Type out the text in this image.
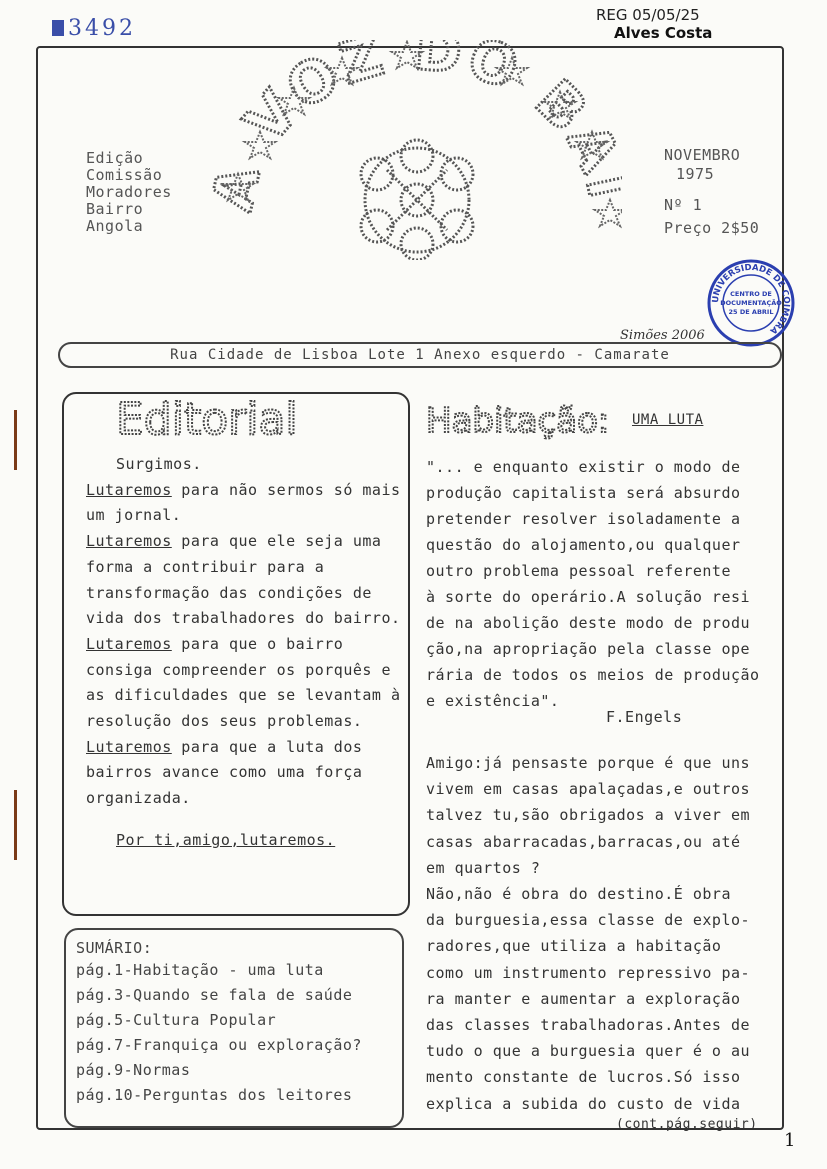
3492
REG 05/05/25
Alves Costa
VOZ DO B
Edição
Comissão
Moradores
Bairro
Angola
NOVEMBRO
1975
Nº 1
Preço 2$50
UNIVERSIDADE DE COIMBRA
CENTRO DE
DOCUMENTAÇÃO
25 DE ABRIL
Simões 2006
Rua Cidade de Lisboa Lote 1 Anexo esquerdo - Camarate
Editorial

Surgimos.

Lutaremos para não sermos só mais um jornal.

Lutaremos para que ele seja uma forma a contribuir para a transformação das condições de vida dos trabalhadores do bairro.

Lutaremos para que o bairro consiga compreender os porquês e as dificuldades que se levantam à resolução dos seus problemas.

Lutaremos para que a luta dos bairros avance como uma força organizada.

Por ti,amigo,lutaremos.

SUMÁRIO:
pág.1-Habitação - uma luta
pág.3-Quando se fala de saúde
pág.5-Cultura Popular
pág.7-Franquiça ou exploração?
pág.9-Normas
pág.10-Perguntas dos leitores
Habitação: UMA LUTA
"... e enquanto existir o modo de
produção capitalista será absurdo
pretender resolver isoladamente a
questão do alojamento,ou qualquer
outro problema pessoal referente
à sorte do operário.A solução resi
de na abolição deste modo de produ
ção,na apropriação pela classe ope
rária de todos os meios de produção
e existência".
F.Engels
Amigo:já pensaste porque é que uns
vivem em casas apalaçadas,e outros
talvez tu,são obrigados a viver em
casas abarracadas,barracas,ou até
em quartos ?
Não,não é obra do destino.É obra
da burguesia,essa classe de explo-
radores,que utiliza a habitação
como um instrumento repressivo pa-
ra manter e aumentar a exploração
das classes trabalhadoras.Antes de
tudo o que a burguesia quer é o au
mento constante de lucros.Só isso
explica a subida do custo de vida
(cont.pág.seguir)
1
